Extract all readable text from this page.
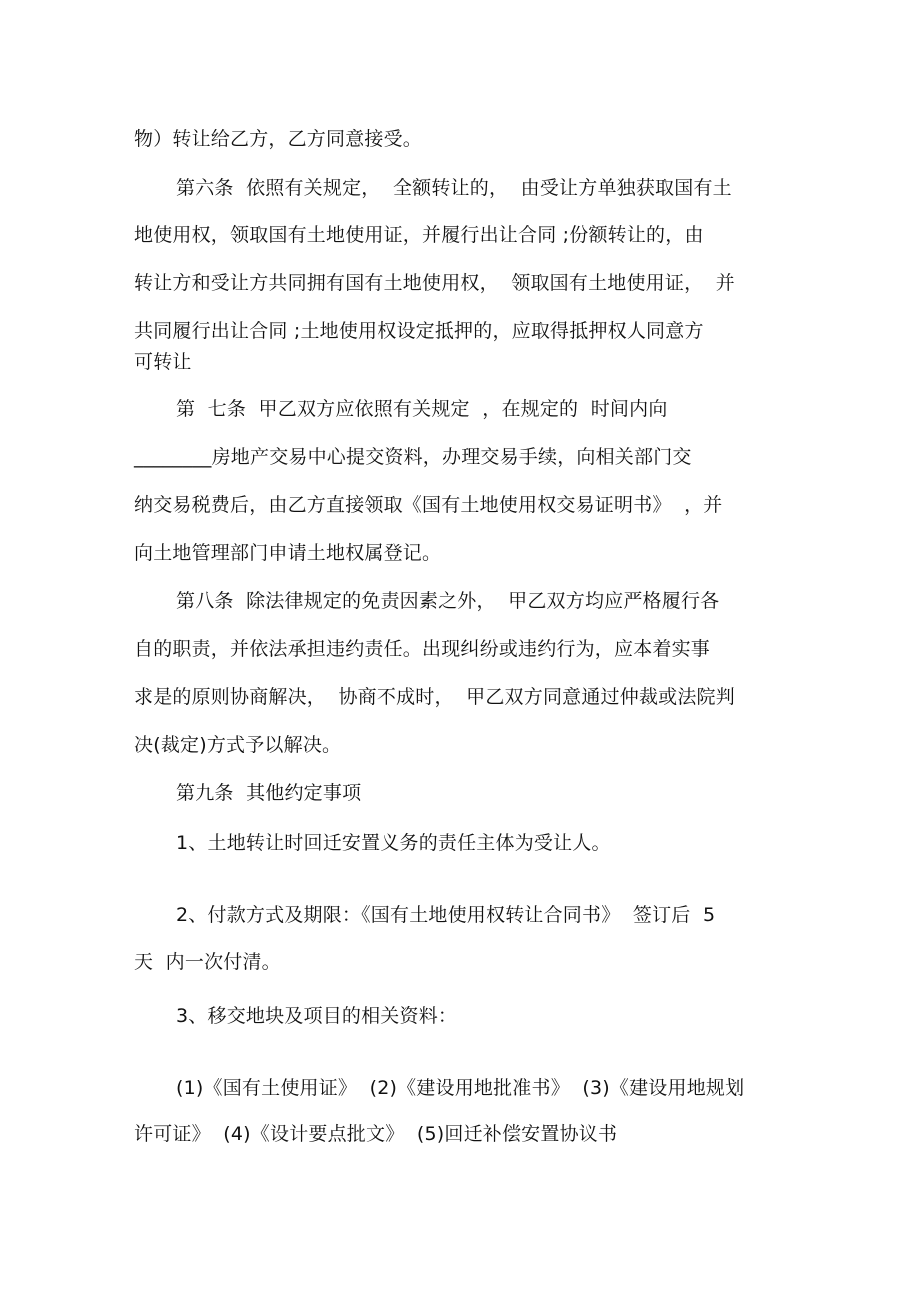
物）转让给乙方，乙方同意接受。
第六条  依照有关规定，  全额转让的，  由受让方单独获取国有土
地使用权，领取国有土地使用证，并履行出让合同 ;份额转让的，由
转让方和受让方共同拥有国有土地使用权，  领取国有土地使用证，  并
共同履行出让合同 ;土地使用权设定抵押的，应取得抵押权人同意方
可转让
第  七条  甲乙双方应依照有关规定  ，在规定的  时间内向
________房地产交易中心提交资料，办理交易手续，向相关部门交
纳交易税费后，由乙方直接领取《国有土地使用权交易证明书》  ，并
向土地管理部门申请土地权属登记。
第八条  除法律规定的免责因素之外，  甲乙双方均应严格履行各
自的职责，并依法承担违约责任。出现纠纷或违约行为，应本着实事
求是的原则协商解决，  协商不成时，  甲乙双方同意通过仲裁或法院判
决(裁定)方式予以解决。
第九条  其他约定事项
1、土地转让时回迁安置义务的责任主体为受让人。
2、付款方式及期限：《国有土地使用权转让合同书》  签订后  5
天  内一次付清。
3、移交地块及项目的相关资料：
(1)《国有土使用证》  (2)《建设用地批准书》  (3)《建设用地规划
许可证》  (4)《设计要点批文》  (5)回迁补偿安置协议书
